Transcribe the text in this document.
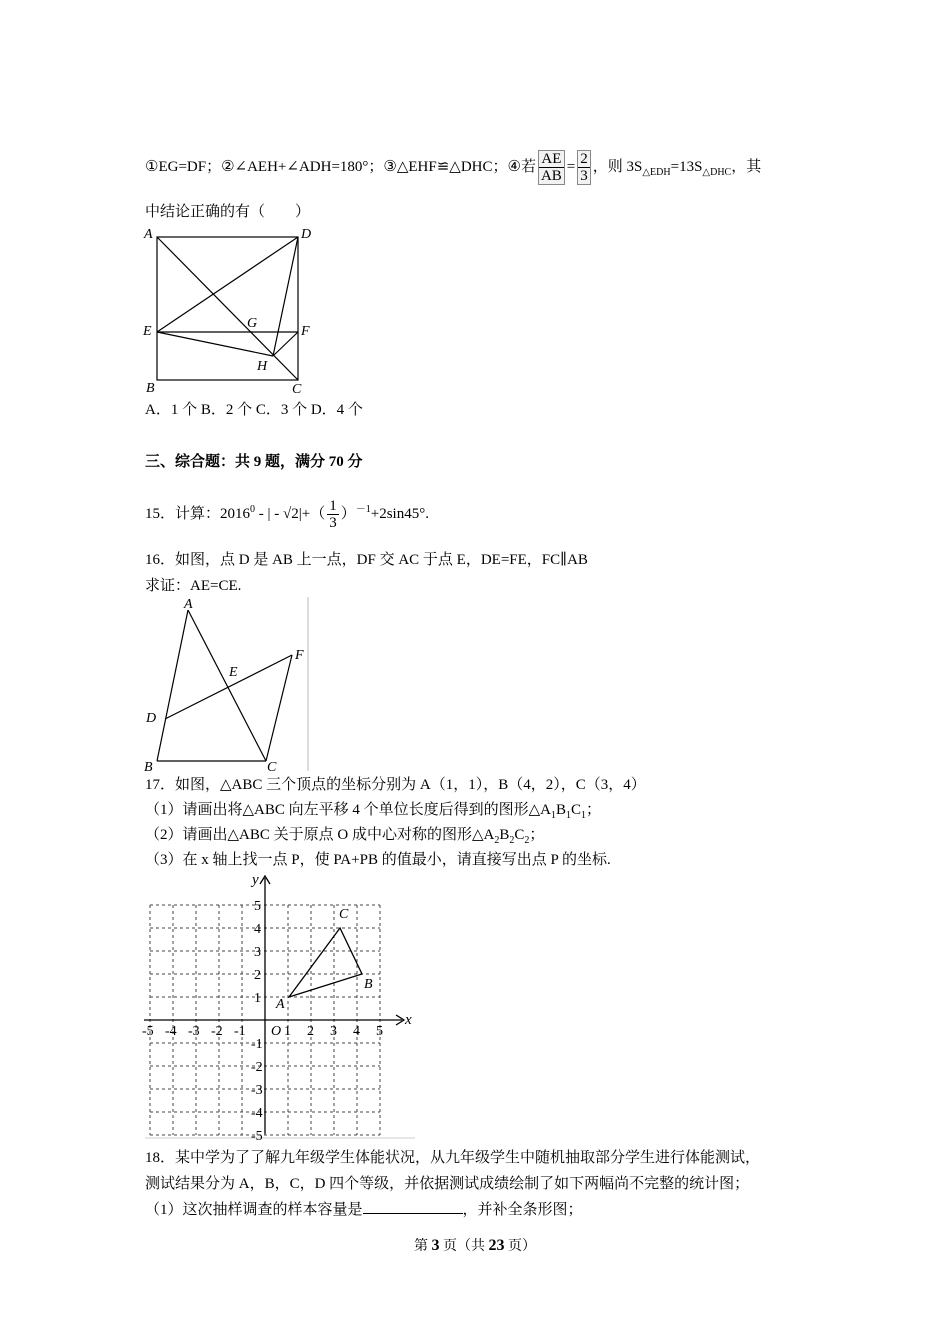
①EG=DF；②∠AEH+∠ADH=180°；③△EHF≌△DHC；④若 $\frac{AE}{AB} = \frac{2}{3}$ ，则 $3S_{\triangle EDH}=13S_{\triangle DHC}$，其
中结论正确的有（　　）
A	D
E
G
F
H
B	C
A．1 个 B．2 个 C．3 个 D．4 个
三、综合题：共 9 题，满分 70 分
15．计算：2016$^0$ - | - $√2|+( \frac{1}{3} )^{-1}+2\sin 45^\circ$.
16．如图，点 D 是 AB 上一点，DF 交 AC 于点 E，DE=FE，FC∥AB
求证：AE=CE.
A
E
F
D
B	C
17．如图，△ABC 三个顶点的坐标分别为 A（1，1），B（4，2），C（3，4）
（1）请画出将△ABC 向左平移 4 个单位长度后得到的图形$\triangle A_1B_1C_1$；
（2）请画出△ABC 关于原点 O 成中心对称的图形$\triangle A_2B_2C_2$；
（3）在 x 轴上找一点 P，使 PA+PB 的值最小，请直接写出点 P 的坐标.
x
y
O
-5 -4 -3 -2 -1	1 2 3 4 5
5
4
3
2
1
-1
-2
-3
-4
-5
A
B
C
18．某中学为了了解九年级学生体能状况，从九年级学生中随机抽取部分学生进行体能测试，
测试结果分为 A，B，C，D 四个等级，并依据测试成绩绘制了如下两幅尚不完整的统计图；
（1）这次抽样调查的样本容量是	，并补全条形图；
第 3 页（共 23 页）
